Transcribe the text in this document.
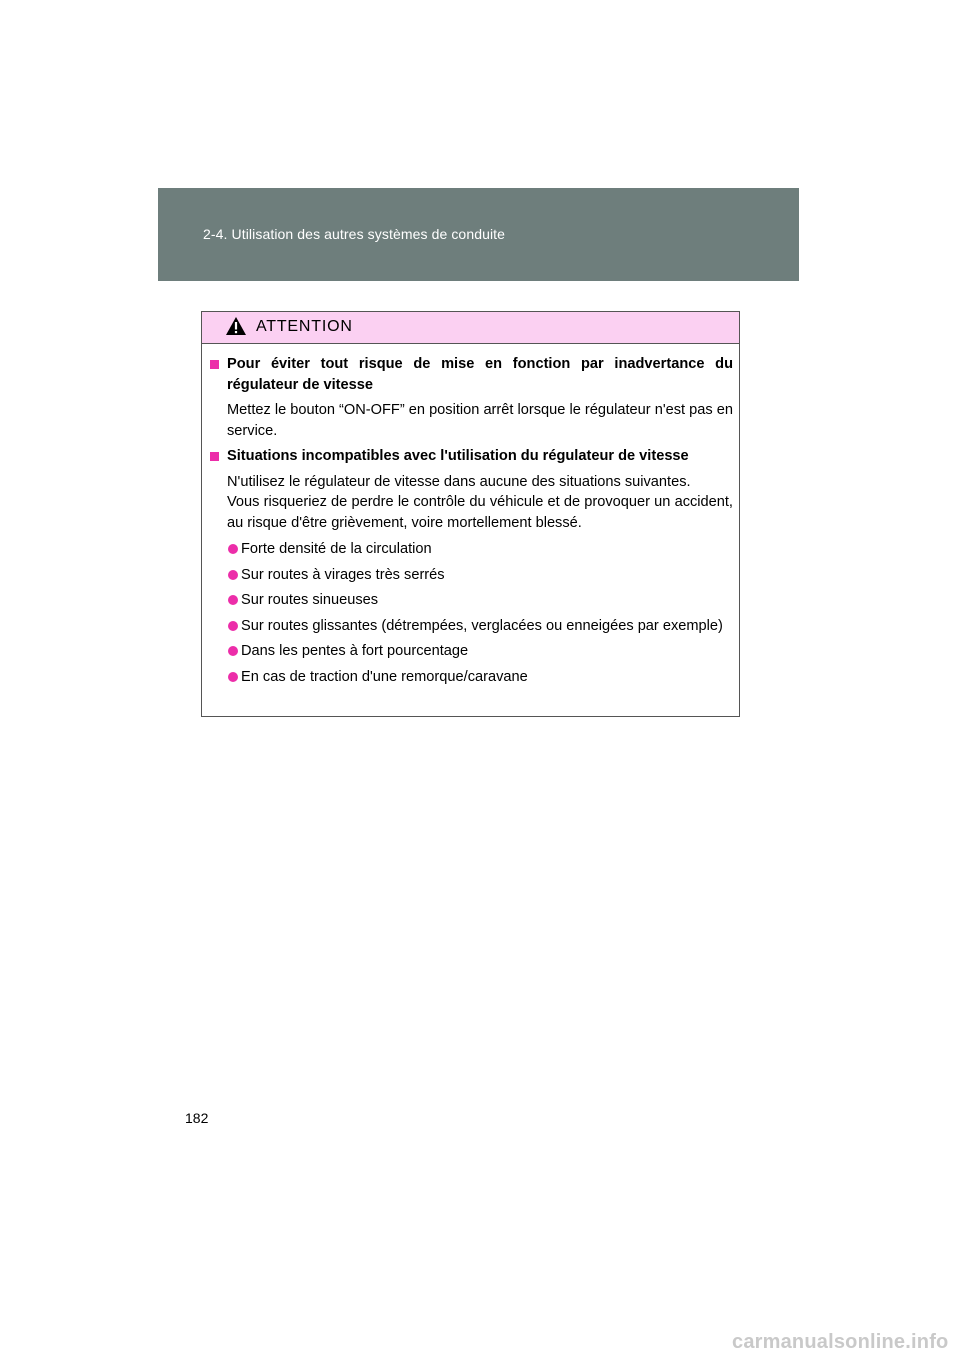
2-4. Utilisation des autres systèmes de conduite
ATTENTION
Pour éviter tout risque de mise en fonction par inadvertance du régulateur de vitesse
Mettez le bouton “ON-OFF” en position arrêt lorsque le régulateur n'est pas en service.
Situations incompatibles avec l'utilisation du régulateur de vitesse
N'utilisez le régulateur de vitesse dans aucune des situations suivantes.
Vous risqueriez de perdre le contrôle du véhicule et de provoquer un accident, au risque d'être grièvement, voire mortellement blessé.
Forte densité de la circulation
Sur routes à virages très serrés
Sur routes sinueuses
Sur routes glissantes (détrempées, verglacées ou enneigées par exemple)
Dans les pentes à fort pourcentage
En cas de traction d'une remorque/caravane
182
carmanualsonline.info
